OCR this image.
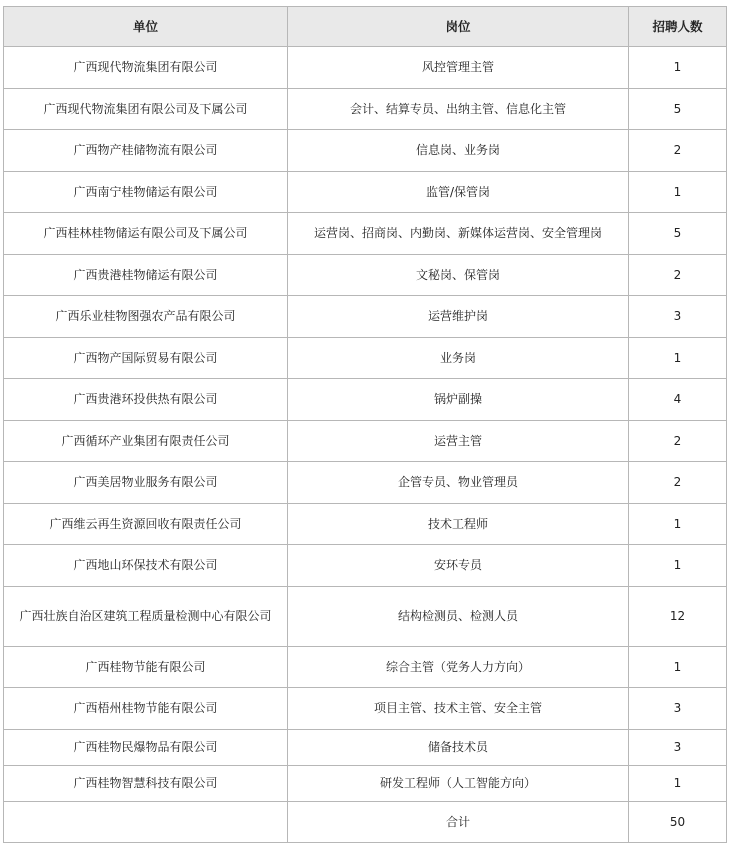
单位	岗位	招聘人数
广西现代物流集团有限公司	风控管理主管	1
广西现代物流集团有限公司及下属公司	会计、结算专员、出纳主管、信息化主管	5
广西物产桂储物流有限公司	信息岗、业务岗	2
广西南宁桂物储运有限公司	监管/保管岗	1
广西桂林桂物储运有限公司及下属公司	运营岗、招商岗、内勤岗、新媒体运营岗、安全管理岗	5
广西贵港桂物储运有限公司	文秘岗、保管岗	2
广西乐业桂物图强农产品有限公司	运营维护岗	3
广西物产国际贸易有限公司	业务岗	1
广西贵港环投供热有限公司	锅炉副操	4
广西循环产业集团有限责任公司	运营主管	2
广西美居物业服务有限公司	企管专员、物业管理员	2
广西维云再生资源回收有限责任公司	技术工程师	1
广西地山环保技术有限公司	安环专员	1
广西壮族自治区建筑工程质量检测中心有限公司	结构检测员、检测人员	12
广西桂物节能有限公司	综合主管（党务人力方向）	1
广西梧州桂物节能有限公司	项目主管、技术主管、安全主管	3
广西桂物民爆物品有限公司	储备技术员	3
广西桂物智慧科技有限公司	研发工程师（人工智能方向）	1
	合计	50
